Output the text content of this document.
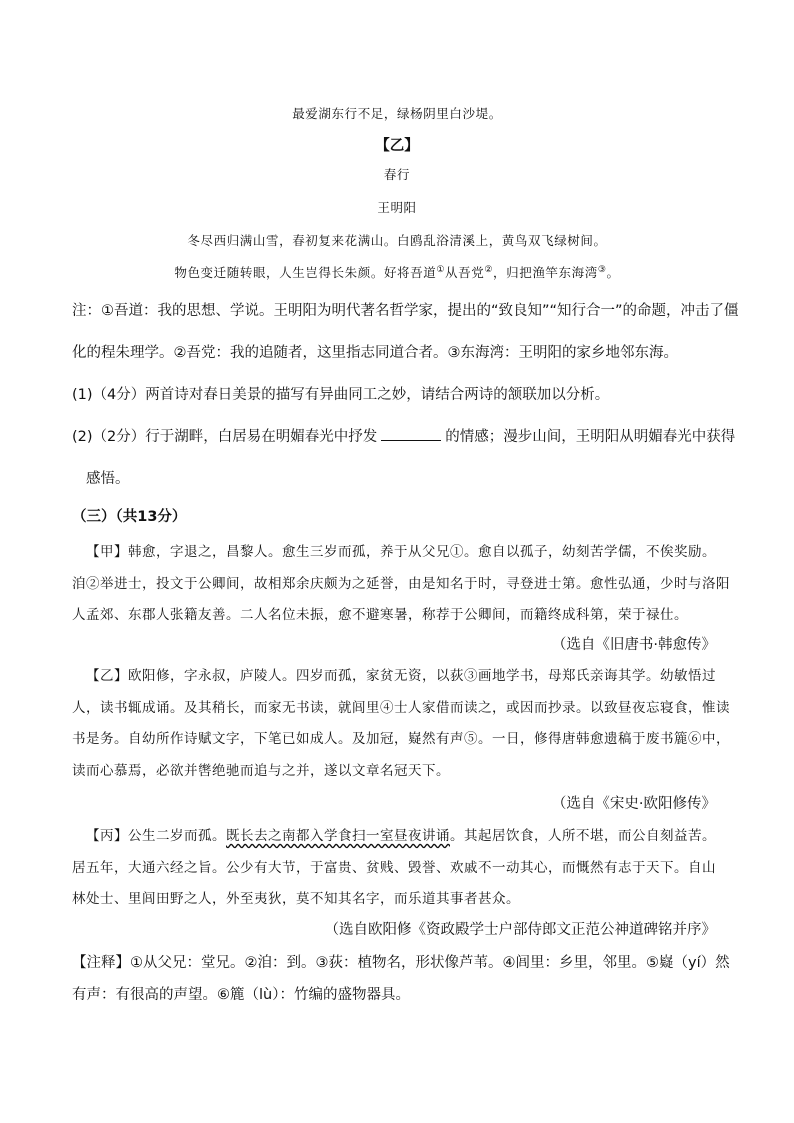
最爱湖东行不足，绿杨阴里白沙堤。
【乙】
春行
王明阳
冬尽西归满山雪，春初复来花满山。白鸥乱浴清溪上，黄鸟双飞绿树间。
物色变迁随转眼，人生岂得长朱颜。好将吾道①从吾党②，归把渔竿东海湾③。
注：①吾道：我的思想、学说。王明阳为明代著名哲学家，提出的“致良知”“知行合一”的命题，冲击了僵
化的程朱理学。②吾党：我的追随者，这里指志同道合者。③东海湾：王明阳的家乡地邻东海。
(1)（4分）两首诗对春日美景的描写有异曲同工之妙，请结合两诗的颔联加以分析。
(2)（2分）行于湖畔，白居易在明媚春光中抒发	的情感；漫步山间，王明阳从明媚春光中获得
感悟。
（三）（共13分）
【甲】韩愈，字退之，昌黎人。愈生三岁而孤，养于从父兄①。愈自以孤子，幼刻苦学儒，不俟奖励。
洎②举进士，投文于公卿间，故相郑余庆颇为之延誉，由是知名于时，寻登进士第。愈性弘通，少时与洛阳
人孟郊、东郡人张籍友善。二人名位未振，愈不避寒暑，称荐于公卿间，而籍终成科第，荣于禄仕。
（选自《旧唐书·韩愈传》
【乙】欧阳修，字永叔，庐陵人。四岁而孤，家贫无资，以荻③画地学书，母郑氏亲诲其学。幼敏悟过
人，读书辄成诵。及其稍长，而家无书读，就闾里④士人家借而读之，或因而抄录。以致昼夜忘寝食，惟读
书是务。自幼所作诗赋文字，下笔已如成人。及加冠，嶷然有声⑤。一日，修得唐韩愈遗稿于废书簏⑥中，
读而心慕焉，必欲并辔绝驰而追与之并，遂以文章名冠天下。
（选自《宋史·欧阳修传》
【丙】公生二岁而孤。既长去之南都入学食扫一室昼夜讲诵。其起居饮食，人所不堪，而公自刻益苦。
居五年，大通六经之旨。公少有大节，于富贵、贫贱、毁誉、欢戚不一动其心，而慨然有志于天下。自山
林处士、里闾田野之人，外至夷狄，莫不知其名字，而乐道其事者甚众。
（选自欧阳修《资政殿学士户部侍郎文正范公神道碑铭并序》
【注释】①从父兄：堂兄。②洎：到。③荻：植物名，形状像芦苇。④闾里：乡里，邻里。⑤嶷（yí）然
有声：有很高的声望。⑥簏（lù）：竹编的盛物器具。
